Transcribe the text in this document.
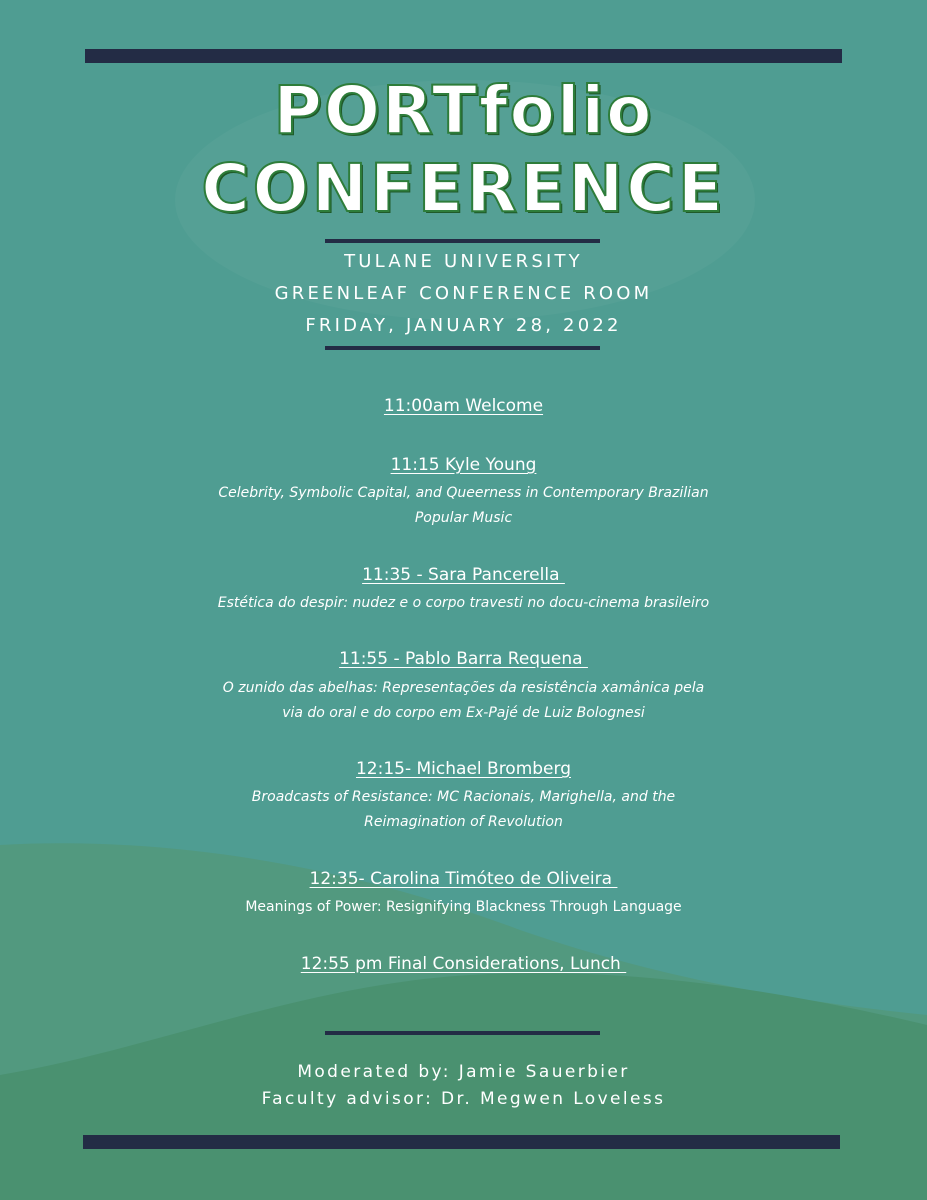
PORTfolio
CONFERENCE
TULANE UNIVERSITY
GREENLEAF CONFERENCE ROOM
FRIDAY, JANUARY 28, 2022
11:00am Welcome
11:15 Kyle Young
Celebrity, Symbolic Capital, and Queerness in Contemporary Brazilian
Popular Music
11:35 - Sara Pancerella
Estética do despir: nudez e o corpo travesti no docu-cinema brasileiro
11:55 - Pablo Barra Requena
O zunido das abelhas: Representações da resistência xamânica pela
via do oral e do corpo em Ex-Pajé de Luiz Bolognesi
12:15- Michael Bromberg
Broadcasts of Resistance: MC Racionais, Marighella, and the
Reimagination of Revolution
12:35- Carolina Timóteo de Oliveira
Meanings of Power: Resignifying Blackness Through Language
12:55 pm Final Considerations, Lunch
Moderated by: Jamie Sauerbier
Faculty advisor: Dr. Megwen Loveless
